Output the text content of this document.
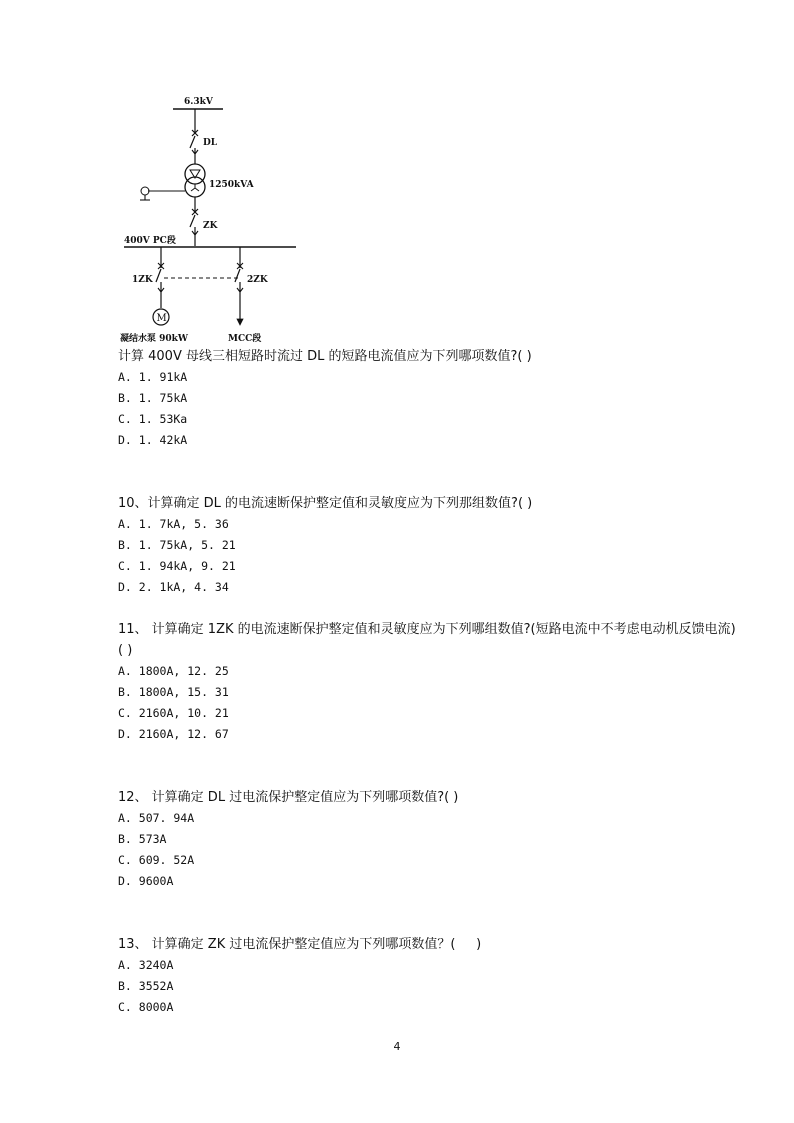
6.3kV
DL
1250kVA
ZK
400V PC段
1ZK
M
凝结水泵 90kW
2ZK
MCC段
计算 400V 母线三相短路时流过 DL 的短路电流值应为下列哪项数值?( )
A. 1. 91kA
B. 1. 75kA
C. 1. 53Ka
D. 1. 42kA
10、计算确定 DL 的电流速断保护整定值和灵敏度应为下列那组数值?( )
A. 1. 7kA, 5. 36
B. 1. 75kA, 5. 21
C. 1. 94kA, 9. 21
D. 2. 1kA, 4. 34
11、 计算确定 1ZK 的电流速断保护整定值和灵敏度应为下列哪组数值?(短路电流中不考虑电动机反馈电流)( )
A. 1800A, 12. 25
B. 1800A, 15. 31
C. 2160A, 10. 21
D. 2160A, 12. 67
12、 计算确定 DL 过电流保护整定值应为下列哪项数值?( )
A. 507. 94A
B. 573A
C. 609. 52A
D. 9600A
13、 计算确定 ZK 过电流保护整定值应为下列哪项数值？(     )
A. 3240A
B. 3552A
C. 8000A
4
